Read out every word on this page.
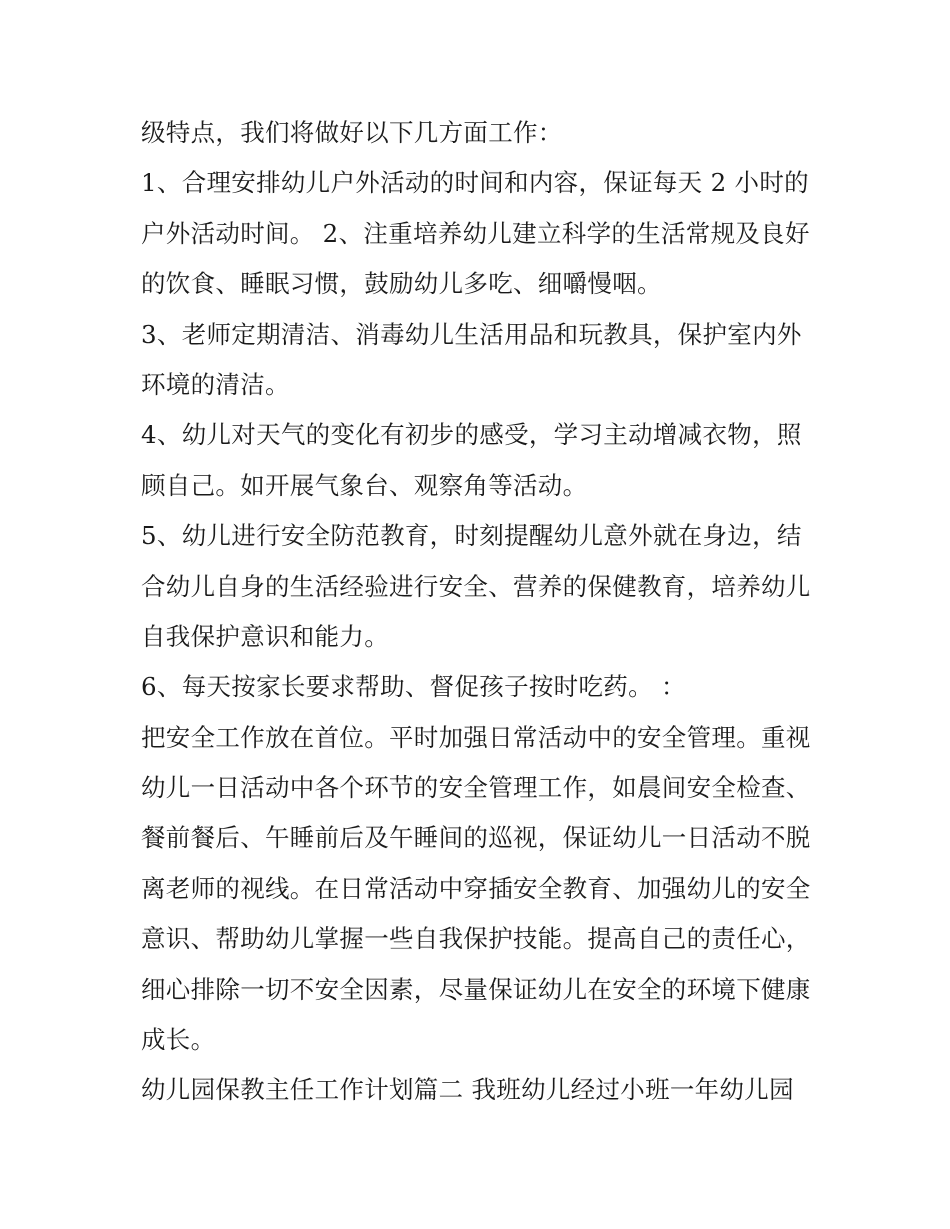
级特点，我们将做好以下几方面工作：
1、合理安排幼儿户外活动的时间和内容，保证每天 2 小时的
户外活动时间。 2、注重培养幼儿建立科学的生活常规及良好
的饮食、睡眠习惯，鼓励幼儿多吃、细嚼慢咽。
3、老师定期清洁、消毒幼儿生活用品和玩教具，保护室内外
环境的清洁。
4、幼儿对天气的变化有初步的感受，学习主动增减衣物，照
顾自己。如开展气象台、观察角等活动。
5、幼儿进行安全防范教育，时刻提醒幼儿意外就在身边，结
合幼儿自身的生活经验进行安全、营养的保健教育，培养幼儿
自我保护意识和能力。
6、每天按家长要求帮助、督促孩子按时吃药。 ：
把安全工作放在首位。平时加强日常活动中的安全管理。重视
幼儿一日活动中各个环节的安全管理工作，如晨间安全检查、
餐前餐后、午睡前后及午睡间的巡视，保证幼儿一日活动不脱
离老师的视线。在日常活动中穿插安全教育、加强幼儿的安全
意识、帮助幼儿掌握一些自我保护技能。提高自己的责任心，
细心排除一切不安全因素，尽量保证幼儿在安全的环境下健康
成长。
幼儿园保教主任工作计划篇二 我班幼儿经过小班一年幼儿园
